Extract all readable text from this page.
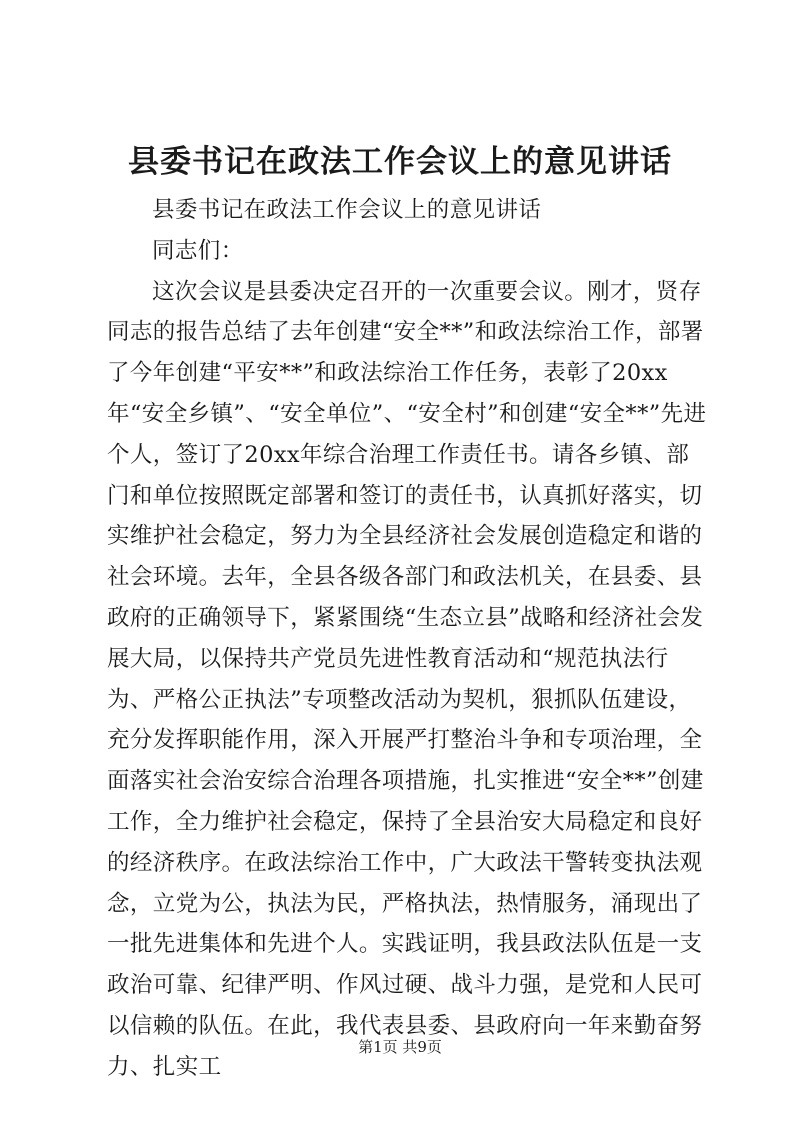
县委书记在政法工作会议上的意见讲话

县委书记在政法工作会议上的意见讲话

同志们：

这次会议是县委决定召开的一次重要会议。刚才，贤存同志的报告总结了去年创建“安全**”和政法综治工作，部署了今年创建“平安**”和政法综治工作任务，表彰了20xx年“安全乡镇”、“安全单位”、“安全村”和创建“安全**”先进个人，签订了20xx年综合治理工作责任书。请各乡镇、部门和单位按照既定部署和签订的责任书，认真抓好落实，切实维护社会稳定，努力为全县经济社会发展创造稳定和谐的社会环境。去年，全县各级各部门和政法机关，在县委、县政府的正确领导下，紧紧围绕“生态立县”战略和经济社会发展大局，以保持共产党员先进性教育活动和“规范执法行为、严格公正执法”专项整改活动为契机，狠抓队伍建设，充分发挥职能作用，深入开展严打整治斗争和专项治理，全面落实社会治安综合治理各项措施，扎实推进“安全**”创建工作，全力维护社会稳定，保持了全县治安大局稳定和良好的经济秩序。在政法综治工作中，广大政法干警转变执法观念，立党为公，执法为民，严格执法，热情服务，涌现出了一批先进集体和先进个人。实践证明，我县政法队伍是一支政治可靠、纪律严明、作风过硬、战斗力强，是党和人民可以信赖的队伍。在此，我代表县委、县政府向一年来勤奋努力、扎实工

第1页 共9页
